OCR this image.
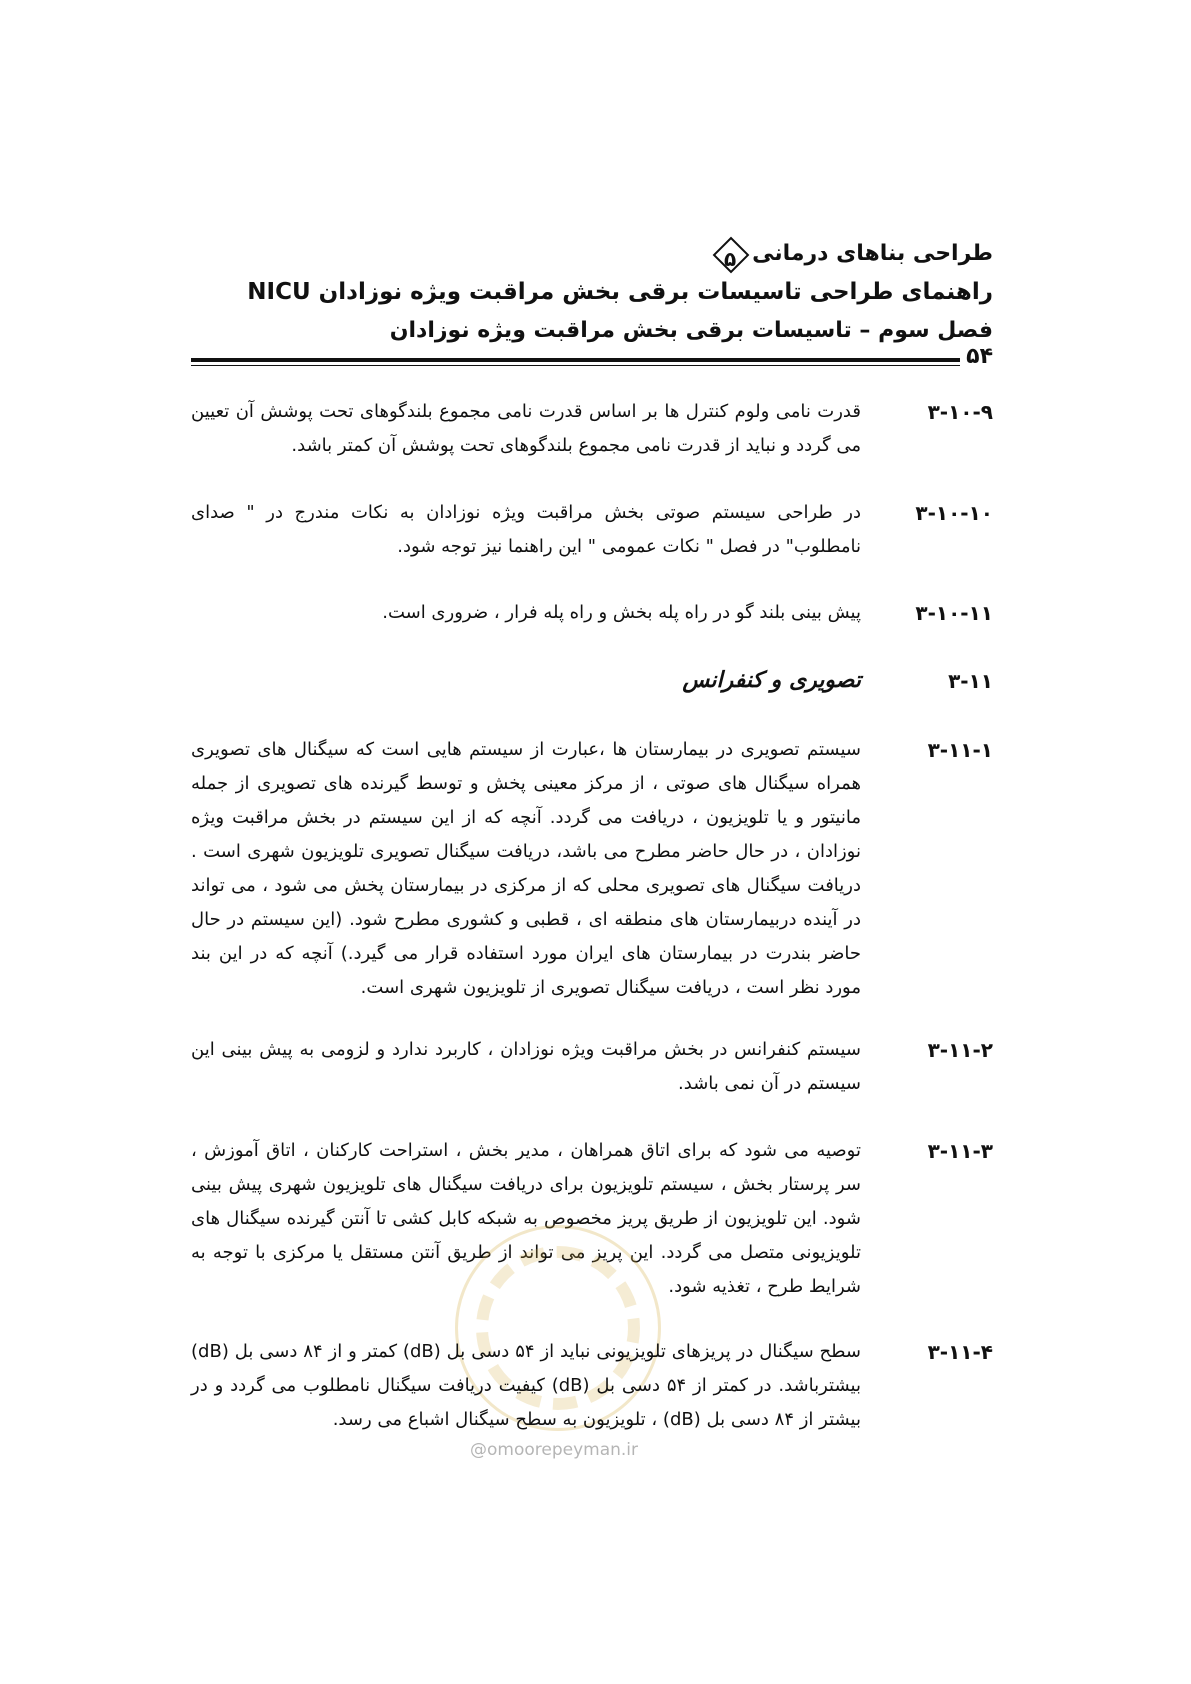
طراحی بناهای درمانی
۵
راهنمای طراحی تاسیسات برقی بخش مراقبت ویژه نوزادان NICU
فصل سوم – تاسیسات برقی بخش مراقبت ویژه نوزادان
۵۴
۳-۱۰-۹
قدرت نامی ولوم کنترل ها بر اساس قدرت نامی مجموع بلندگوهای تحت پوشش آن تعیین می گردد و نباید از قدرت نامی مجموع بلندگوهای تحت پوشش آن کمتر باشد.
۳-۱۰-۱۰
در طراحی سیستم صوتی بخش مراقبت ویژه نوزادان به نکات مندرج در " صدای نامطلوب" در فصل " نکات عمومی " این راهنما نیز توجه شود.
۳-۱۰-۱۱
پیش بینی بلند گو در راه پله بخش و راه پله فرار ، ضروری است.
۳-۱۱
تصویری و کنفرانس
۳-۱۱-۱
سیستم تصویری در بیمارستان ها ،عبارت از سیستم هایی است که سیگنال های تصویری همراه سیگنال های صوتی ، از مرکز معینی پخش و توسط گیرنده های تصویری از جمله مانیتور و یا تلویزیون ، دریافت می گردد. آنچه که از این سیستم در بخش مراقبت ویژه نوزادان ، در حال حاضر مطرح می باشد، دریافت سیگنال تصویری تلویزیون شهری است . دریافت سیگنال های تصویری محلی که از مرکزی در بیمارستان پخش می شود ، می تواند در آینده دربیمارستان های منطقه ای ، قطبی و کشوری مطرح شود. (این سیستم در حال حاضر بندرت در بیمارستان های ایران مورد استفاده قرار می گیرد.) آنچه که در این بند مورد نظر است ، دریافت سیگنال تصویری از تلویزیون شهری است.
۳-۱۱-۲
سیستم کنفرانس در بخش مراقبت ویژه نوزادان ، کاربرد ندارد و لزومی به پیش بینی این سیستم در آن نمی باشد.
۳-۱۱-۳
توصیه می شود که برای اتاق همراهان ، مدیر بخش ، استراحت کارکنان ، اتاق آموزش ، سر پرستار بخش ، سیستم تلویزیون برای دریافت سیگنال های تلویزیون شهری پیش بینی شود. این تلویزیون از طریق پریز مخصوص به شبکه کابل کشی تا آنتن گیرنده سیگنال های تلویزیونی متصل می گردد. این پریز می تواند از طریق آنتن مستقل یا مرکزی با توجه به شرایط طرح ، تغذیه شود.
۳-۱۱-۴
سطح سیگنال در پریزهای تلویزیونی نباید از ۵۴ دسی بل (dB) کمتر و از ۸۴ دسی بل (dB) بیشترباشد. در کمتر از ۵۴ دسی بل (dB) کیفیت دریافت سیگنال نامطلوب می گردد و در بیشتر از ۸۴ دسی بل (dB) ، تلویزیون به سطح سیگنال اشباع می رسد.
@omoorepeyman.ir
